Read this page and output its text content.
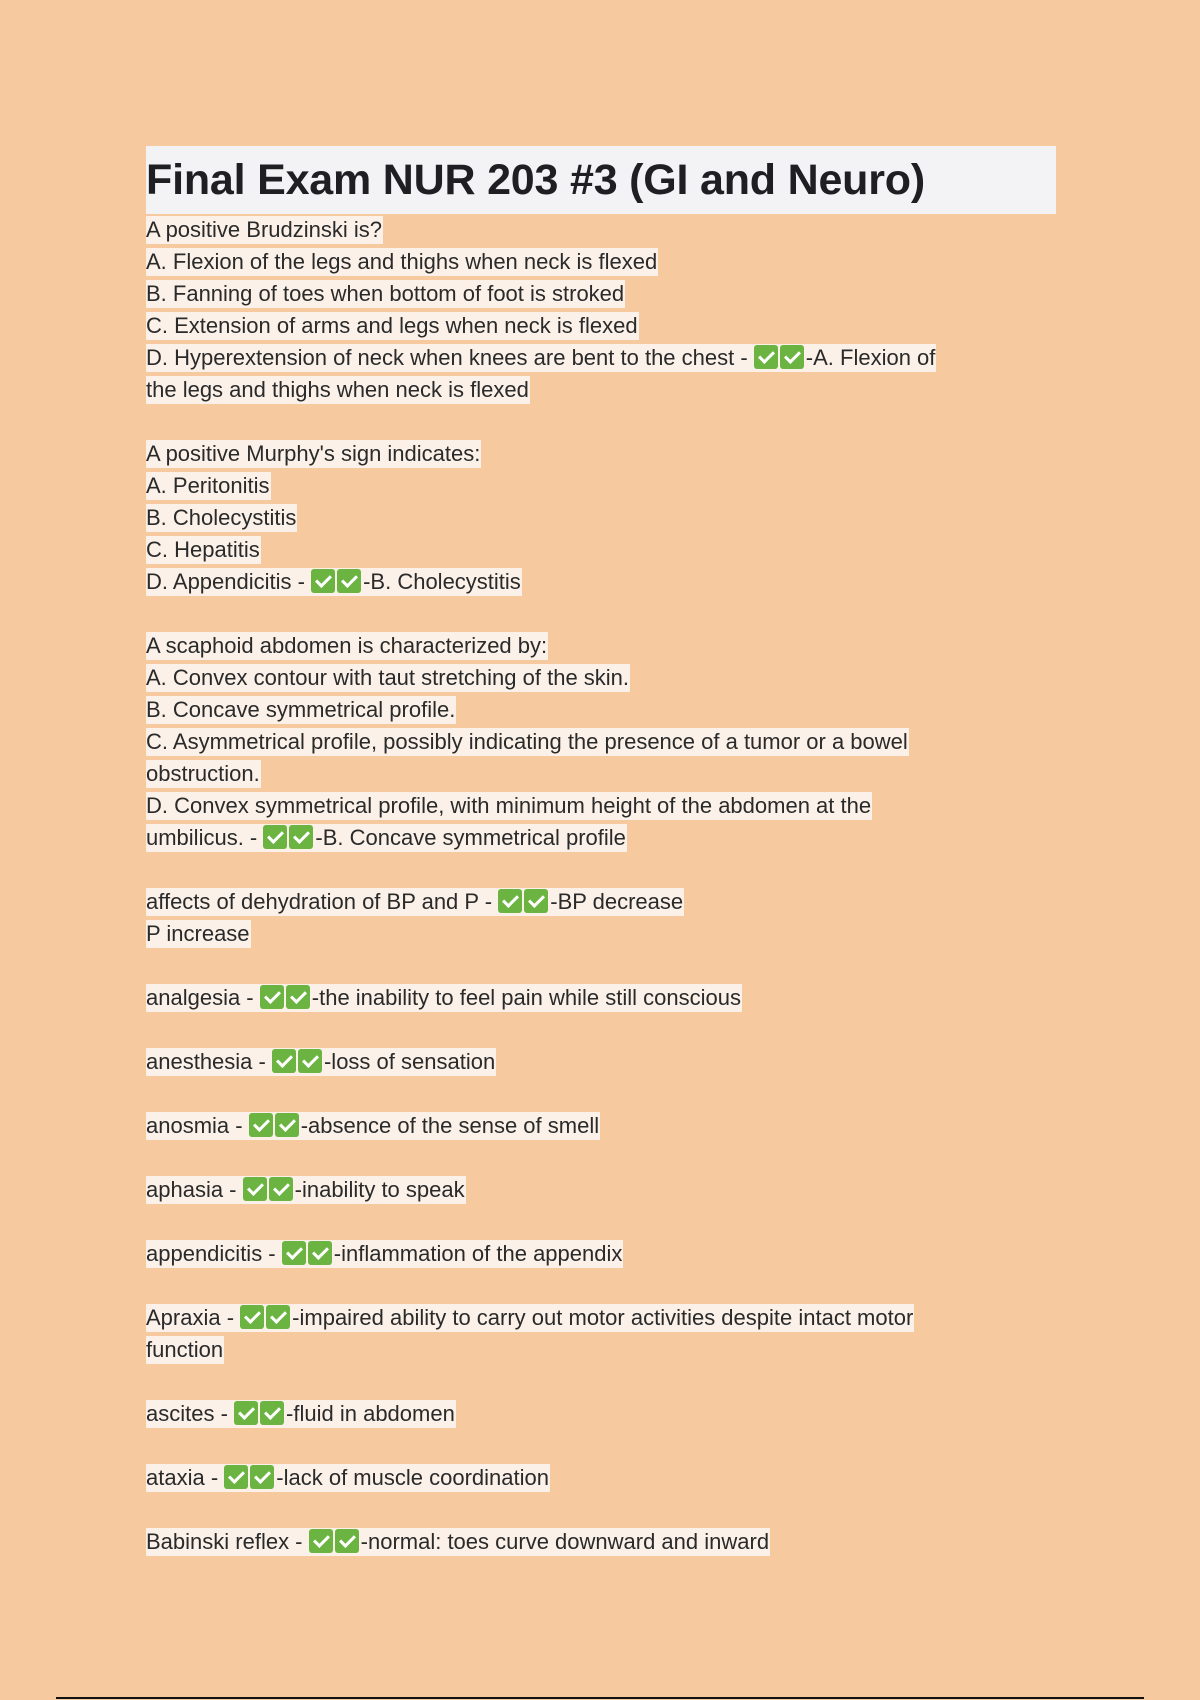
Final Exam NUR 203 #3 (GI and Neuro)
A positive Brudzinski is?
A. Flexion of the legs and thighs when neck is flexed
B. Fanning of toes when bottom of foot is stroked
C. Extension of arms and legs when neck is flexed
D. Hyperextension of neck when knees are bent to the chest -	-A. Flexion of
the legs and thighs when neck is flexed
A positive Murphy's sign indicates:
A. Peritonitis
B. Cholecystitis
C. Hepatitis
D. Appendicitis -	-B. Cholecystitis
A scaphoid abdomen is characterized by:
A. Convex contour with taut stretching of the skin.
B. Concave symmetrical profile.
C. Asymmetrical profile, possibly indicating the presence of a tumor or a bowel
obstruction.
D. Convex symmetrical profile, with minimum height of the abdomen at the
umbilicus. -	-B. Concave symmetrical profile
affects of dehydration of BP and P -	-BP decrease
P increase
analgesia -	-the inability to feel pain while still conscious
anesthesia -	-loss of sensation
anosmia -	-absence of the sense of smell
aphasia -	-inability to speak
appendicitis -	-inflammation of the appendix
Apraxia -	-impaired ability to carry out motor activities despite intact motor
function
ascites -	-fluid in abdomen
ataxia -	-lack of muscle coordination
Babinski reflex -	-normal: toes curve downward and inward
